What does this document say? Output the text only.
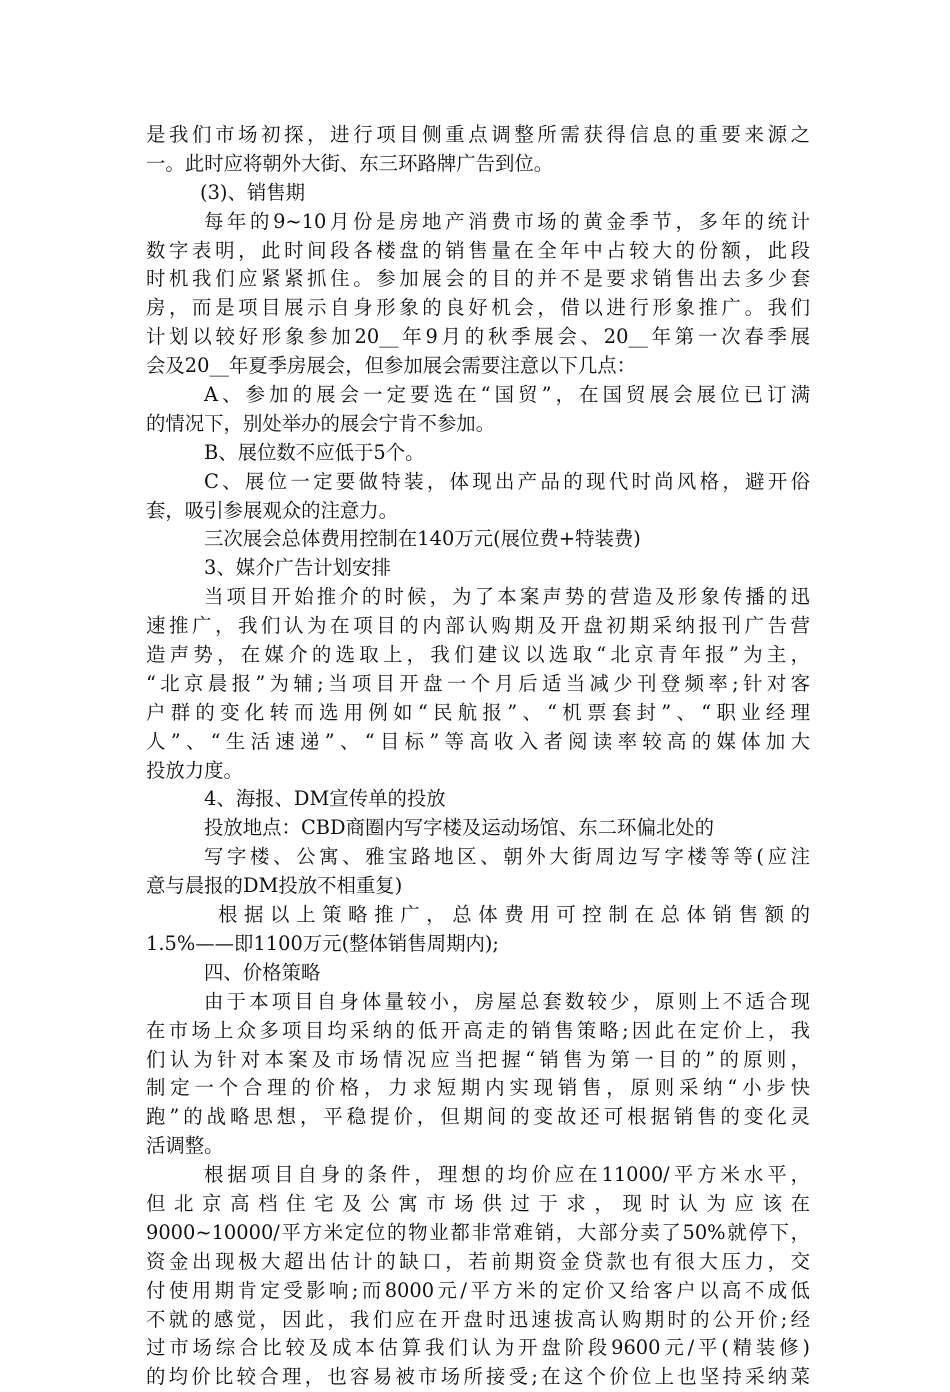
是我们市场初探，进行项目侧重点调整所需获得信息的重要来源之
一。此时应将朝外大街、东三环路牌广告到位。
(3)、销售期
每年的9~10月份是房地产消费市场的黄金季节，多年的统计
数字表明，此时间段各楼盘的销售量在全年中占较大的份额，此段
时机我们应紧紧抓住。参加展会的目的并不是要求销售出去多少套
房，而是项目展示自身形象的良好机会，借以进行形象推广。我们
计划以较好形象参加20__年9月的秋季展会、20__年第一次春季展
会及20__年夏季房展会，但参加展会需要注意以下几点：
A、参加的展会一定要选在“国贸”，在国贸展会展位已订满
的情况下，别处举办的展会宁肯不参加。
B、展位数不应低于5个。
C、展位一定要做特装，体现出产品的现代时尚风格，避开俗
套，吸引参展观众的注意力。
三次展会总体费用控制在140万元(展位费+特装费)
3、媒介广告计划安排
当项目开始推介的时候，为了本案声势的营造及形象传播的迅
速推广，我们认为在项目的内部认购期及开盘初期采纳报刊广告营
造声势，在媒介的选取上，我们建议以选取“北京青年报”为主，
“北京晨报”为辅;当项目开盘一个月后适当减少刊登频率;针对客
户群的变化转而选用例如“民航报”、“机票套封”、“职业经理
人”、“生活速递”、“目标”等高收入者阅读率较高的媒体加大
投放力度。
4、海报、DM宣传单的投放
投放地点：CBD商圈内写字楼及运动场馆、东二环偏北处的
写字楼、公寓、雅宝路地区、朝外大街周边写字楼等等(应注
意与晨报的DM投放不相重复)
根据以上策略推广，总体费用可控制在总体销售额的
1.5%——即1100万元(整体销售周期内);
四、价格策略
由于本项目自身体量较小，房屋总套数较少，原则上不适合现
在市场上众多项目均采纳的低开高走的销售策略;因此在定价上，我
们认为针对本案及市场情况应当把握“销售为第一目的”的原则，
制定一个合理的价格，力求短期内实现销售，原则采纳“小步快
跑”的战略思想，平稳提价，但期间的变故还可根据销售的变化灵
活调整。
根据项目自身的条件，理想的均价应在11000/平方米水平，
但北京高档住宅及公寓市场供过于求，现时认为应该在
9000~10000/平方米定位的物业都非常难销，大部分卖了50%就停下，
资金出现极大超出估计的缺口，若前期资金贷款也有很大压力，交
付使用期肯定受影响;而8000元/平方米的定价又给客户以高不成低
不就的感觉，因此，我们应在开盘时迅速拔高认购期时的公开价;经
过市场综合比较及成本估算我们认为开盘阶段9600元/平(精装修)
的均价比较合理，也容易被市场所接受;在这个价位上也坚持采纳菜
